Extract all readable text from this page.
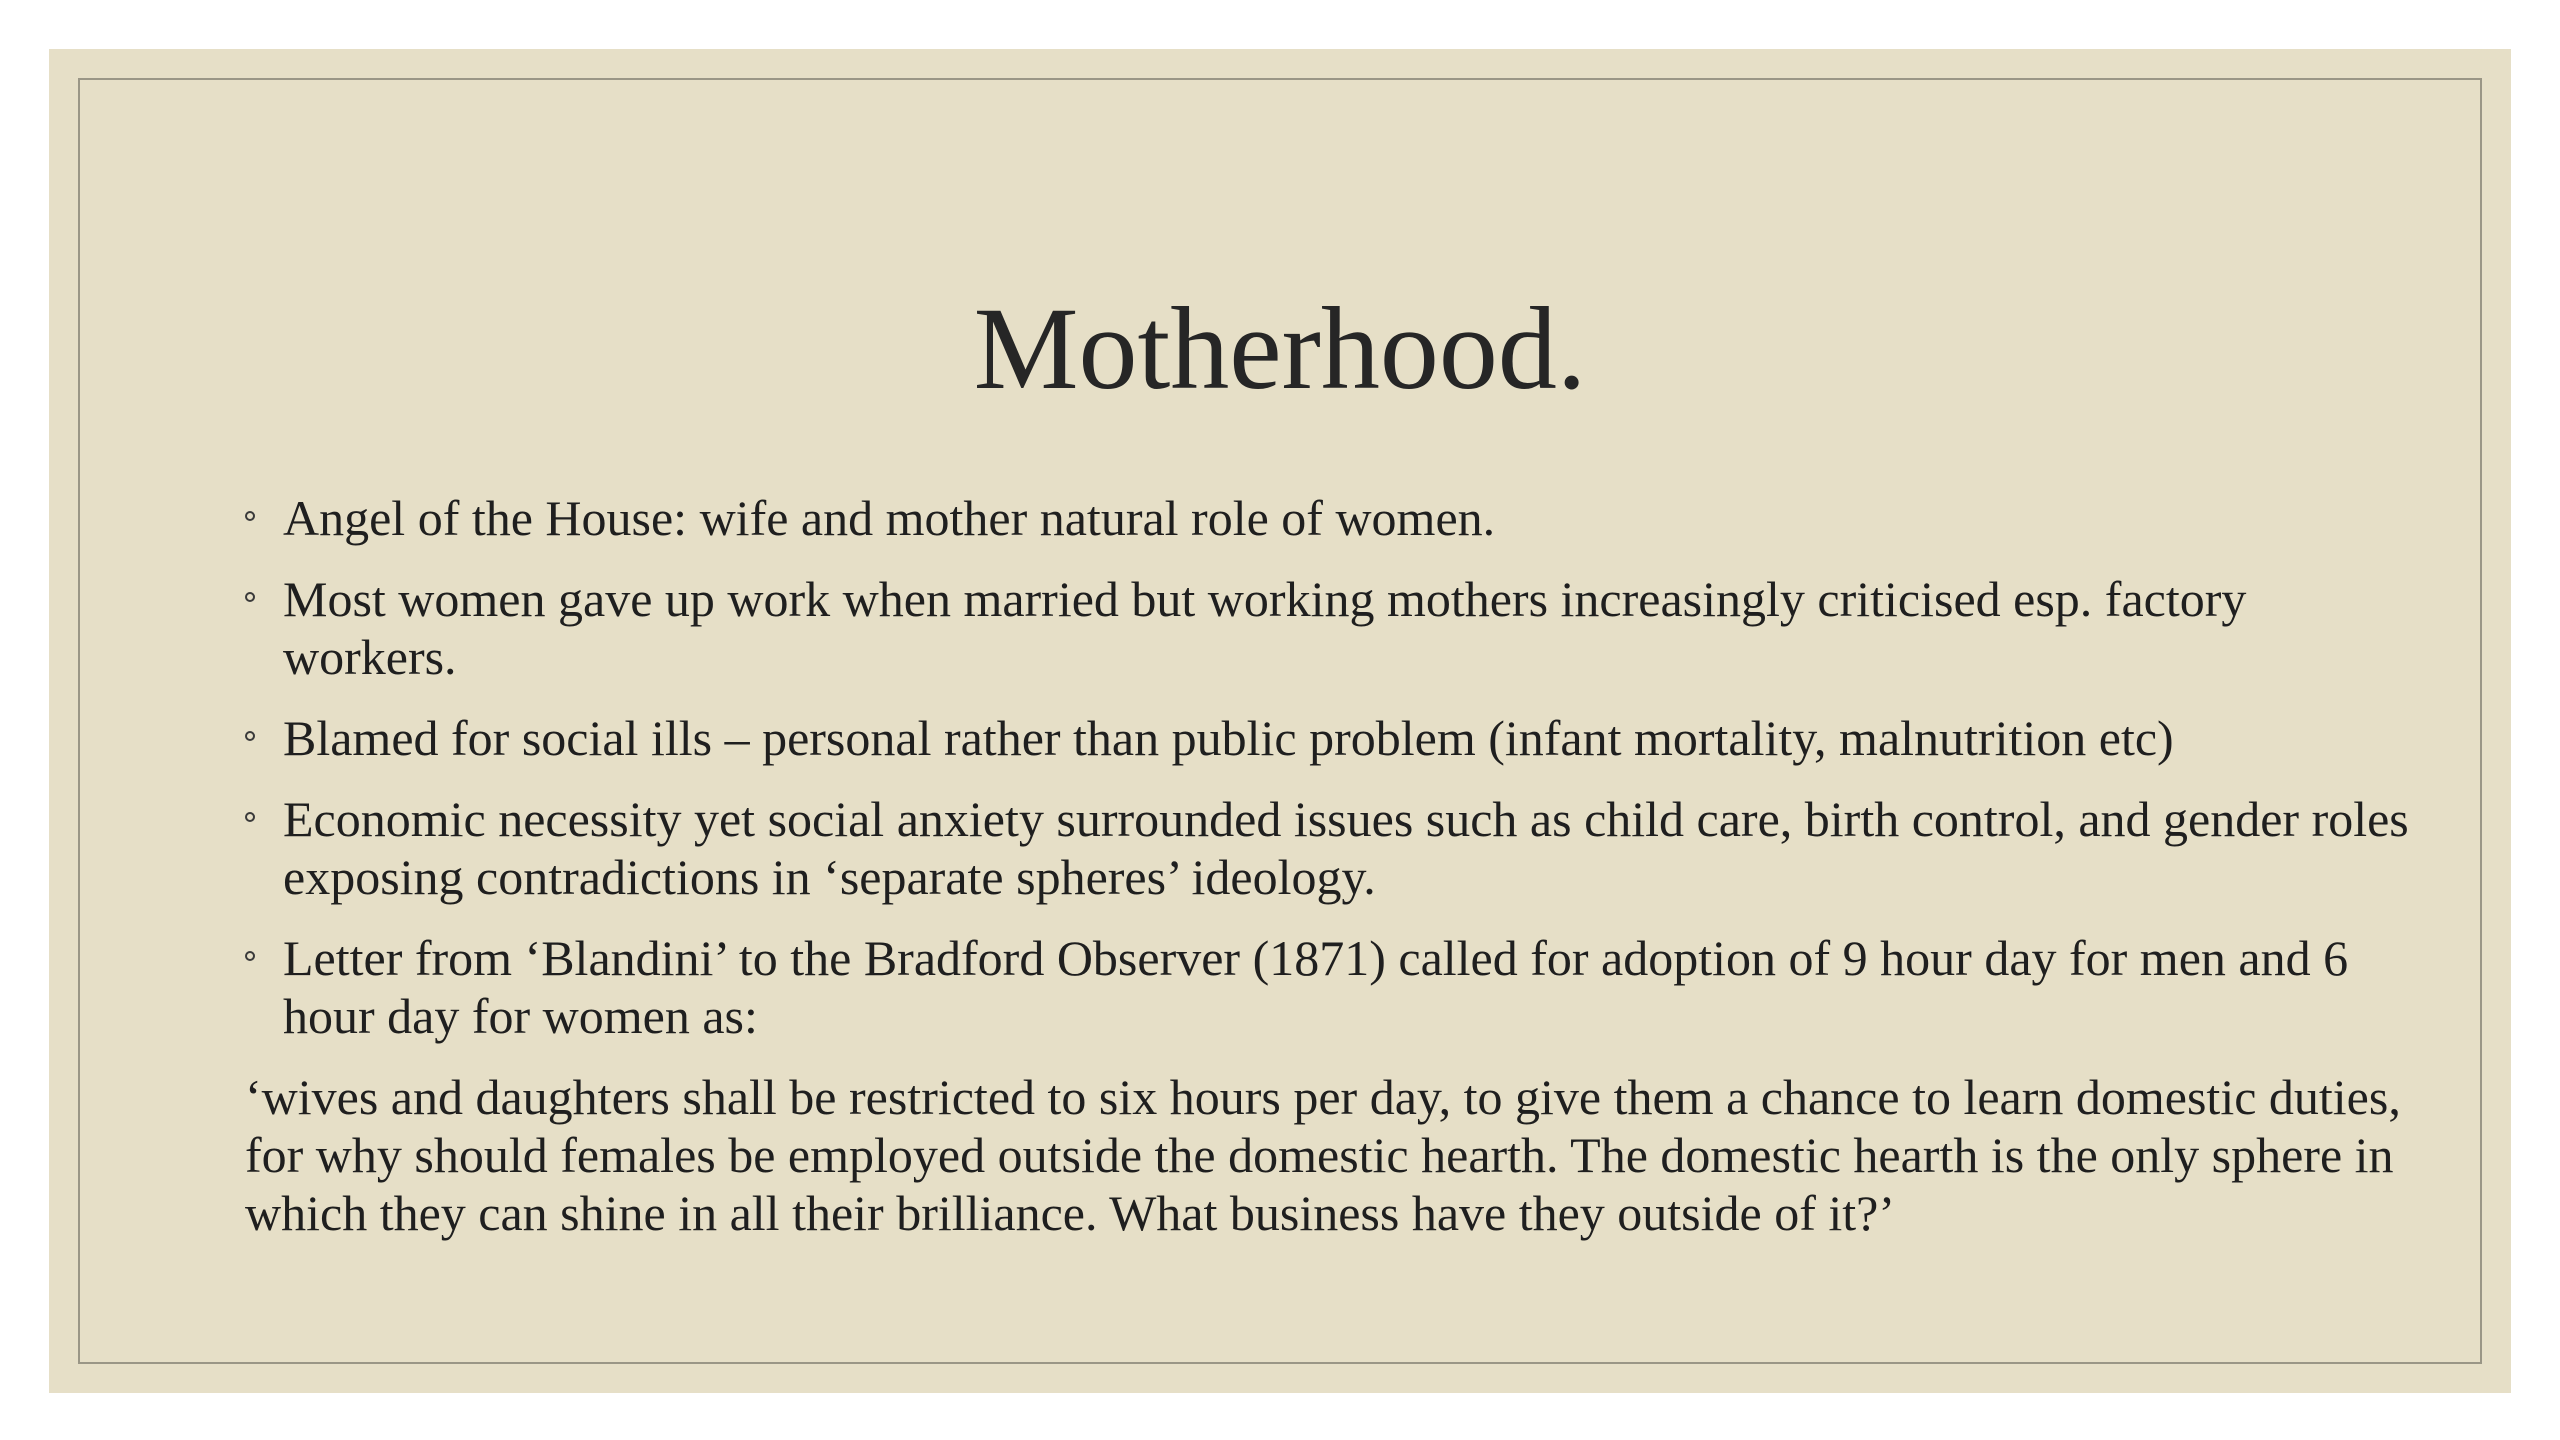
Motherhood.
Angel of the House: wife and mother natural role of women.
Most women gave up work when married but working mothers increasingly criticised esp. factory workers.
Blamed for social ills – personal rather than public problem (infant mortality, malnutrition etc)
Economic necessity yet social anxiety surrounded issues such as child care, birth control, and gender roles exposing contradictions in ‘separate spheres’ ideology.
Letter from ‘Blandini’ to the Bradford Observer (1871) called for adoption of 9 hour day for men and 6 hour day for women as:

‘wives and daughters shall be restricted to six hours per day, to give them a chance to learn domestic duties, for why should females be employed outside the domestic hearth. The domestic hearth is the only sphere in which they can shine in all their brilliance. What business have they outside of it?’
